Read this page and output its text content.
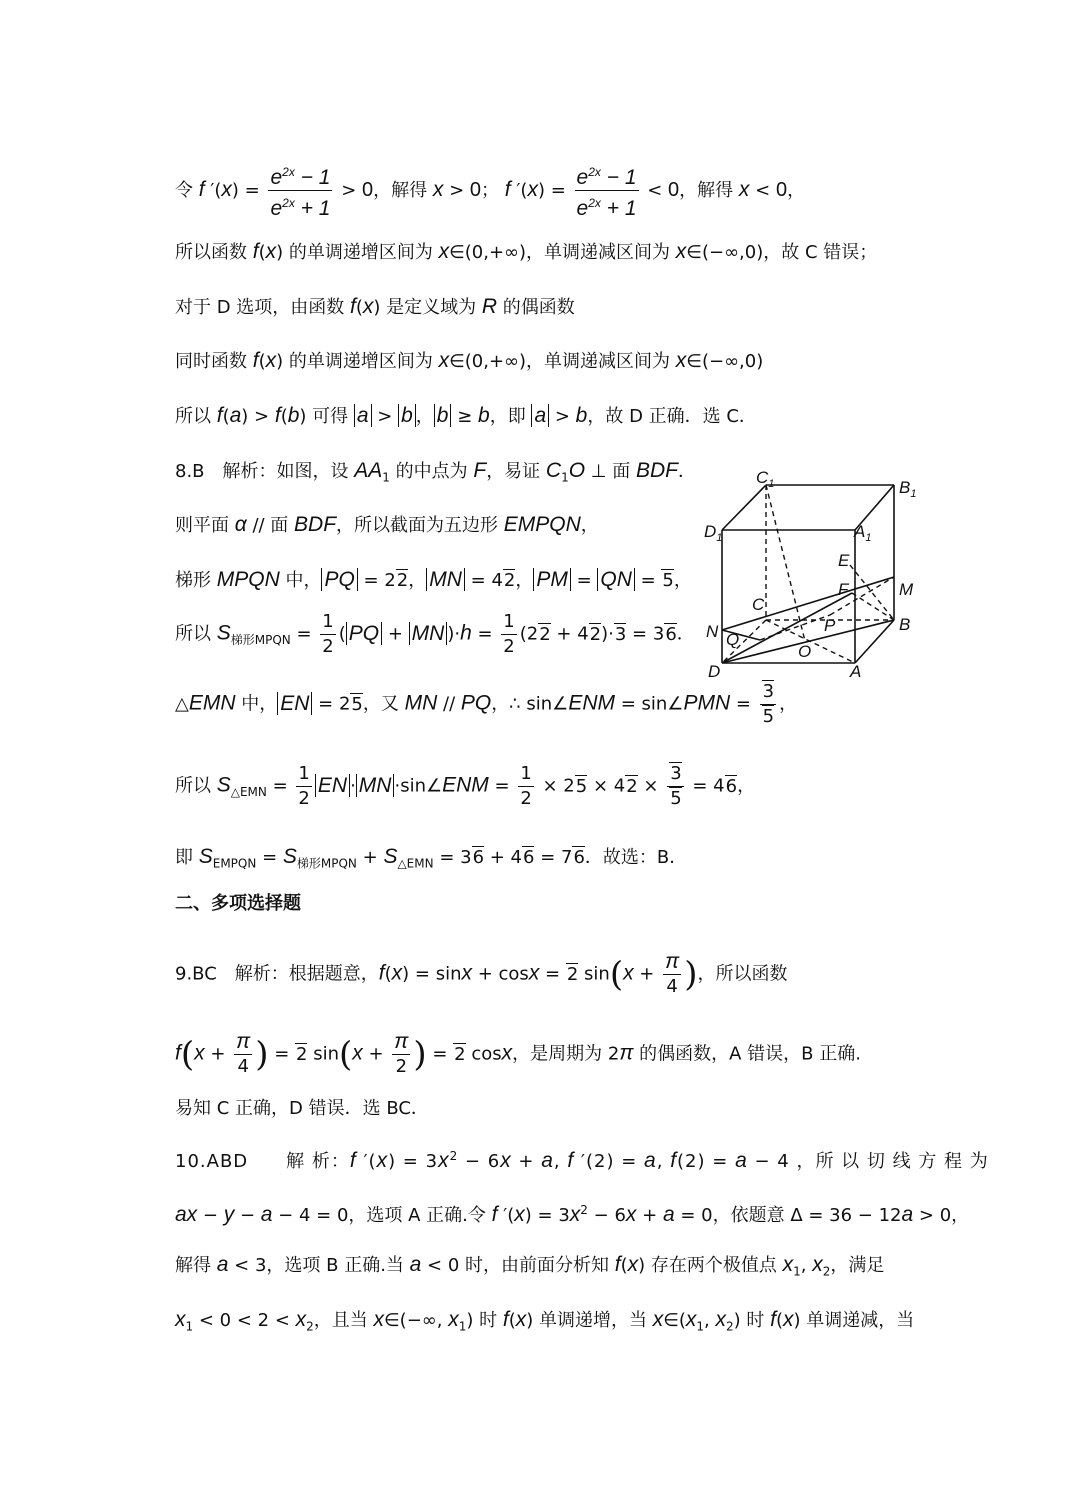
令 f $'(x) = \frac{e^{2x} - 1}{e^{2x} + 1} > 0$，解得 x > 0； f $'(x) = \frac{e^{2x} - 1}{e^{2x} + 1} < 0$，解得 x < 0，
所以函数 f(x) 的单调递增区间为 x∈(0,+∞)，单调递减区间为 x∈(−∞,0)，故 C 错误；
对于 D 选项，由函数 f(x) 是定义域为 R 的偶函数
同时函数 f(x) 的单调递增区间为 x∈(0,+∞)，单调递减区间为 x∈(−∞,0)
所以 f(a) > f(b) 可得 a > b ， b ≥ b，即 a > b，故 D 正确．选 C．
8.B　解析：如图，设 $AA_1$ 的中点为 F，易证 $C_1O$ ⊥ 面 BDF．
则平面 α // 面 BDF，所以截面为五边形 EMPQN，
梯形 MPQN 中， PQ = 22， MN = 42， PM = QN = 5，
所以 $S_{梯形MPQN} = \frac{1}{2}$ ( PQ + MN )$\cdot h = \frac{1}{2} (22 + 42)\cdot 3 = 36$．
△EMN 中， EN = 25，又 MN // PQ，∴ sin∠ENM = sin∠PMN = $\frac{3}{5}$ ，
所以 $S_{\triangle EMN} = \frac{1}{2}$ EN · MN ·sin∠ENM = $\frac{1}{2} \times 25 \times 42 \times \frac{3}{5} = 46$，
即 $S_{EMPQN} = S_{梯形MPQN} + S_{\triangle EMN} = 36 + 46 = 76$．故选：B．
二、多项选择题
9.BC　解析：根据题意，f(x) = sinx + cosx = 2 $\sin(x + \frac{\pi}{4}$ )，所以函数
$f(x + \frac{\pi}{4}$ ) = 2 $\sin(x + \frac{\pi}{2}$ ) = 2 cosx，是周期为 2π 的偶函数，A 错误，B 正确.
易知 C 正确，D 错误．选 BC．
10.ABD　　解 析：f $'(x) = 3x^2 - 6x + a$, f ′(2) = a, f(2) = a − 4 ，所 以 切 线 方 程 为
ax − y − a − 4 = 0，选项 A 正确.令 f $'(x) = 3x^2 - 6x + a = 0$，依题意 Δ = 36 − 12a > 0，
解得 a < 3，选项 B 正确.当 a < 0 时，由前面分析知 f(x) 存在两个极值点 $x_1$, $x_2$，满足
$x_1 < 0 < 2 < x_2$，且当 x∈(−∞, $x_1$) 时 f(x) 单调递增，当 $x\in(x_1$, $x_2$) 时 f(x) 单调递减，当
$C_1$	$B_1$
$D_1$	$A_1$
E
F	M
N	B
C
P
Q
O
D	A
